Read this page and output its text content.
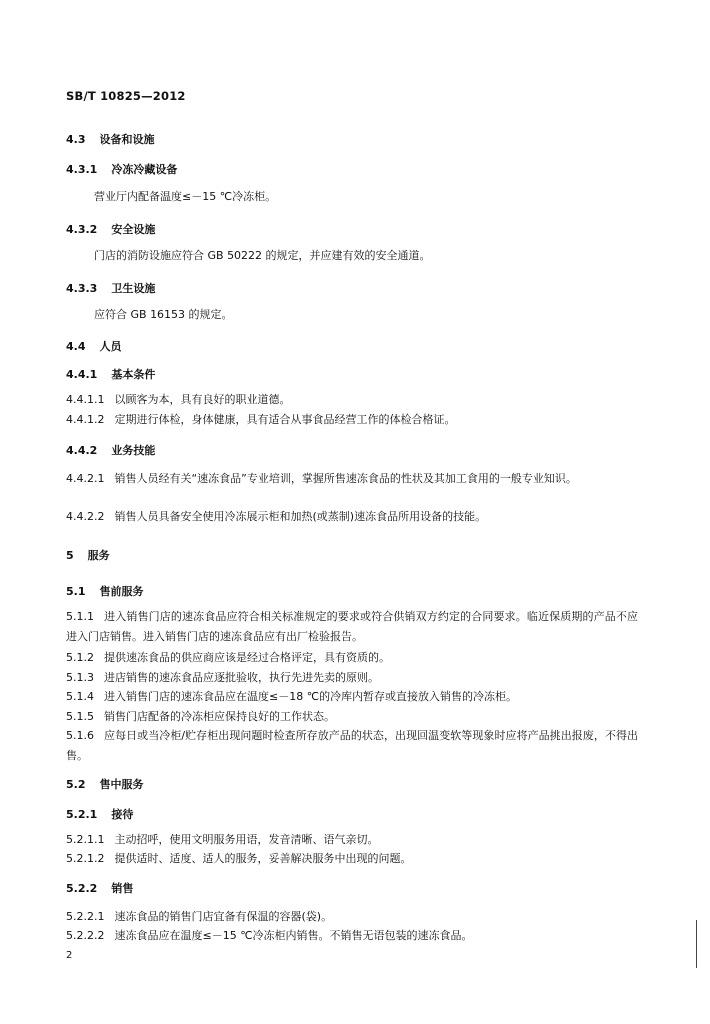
SB/T 10825—2012
4.3 设备和设施
4.3.1 冷冻冷藏设备
营业厅内配备温度≤－15 ℃冷冻柜。
4.3.2 安全设施
门店的消防设施应符合 GB 50222 的规定，并应建有效的安全通道。
4.3.3 卫生设施
应符合 GB 16153 的规定。
4.4 人员
4.4.1 基本条件
4.4.1.1 以顾客为本，具有良好的职业道德。
4.4.1.2 定期进行体检，身体健康，具有适合从事食品经营工作的体检合格证。
4.4.2 业务技能
4.4.2.1 销售人员经有关“速冻食品”专业培训，掌握所售速冻食品的性状及其加工食用的一般专业知识。
4.4.2.2 销售人员具备安全使用冷冻展示柜和加热(或蒸制)速冻食品所用设备的技能。
5 服务
5.1 售前服务
5.1.1 进入销售门店的速冻食品应符合相关标准规定的要求或符合供销双方约定的合同要求。临近保质期的产品不应进入门店销售。进入销售门店的速冻食品应有出厂检验报告。
5.1.2 提供速冻食品的供应商应该是经过合格评定，具有资质的。
5.1.3 进店销售的速冻食品应逐批验收，执行先进先卖的原则。
5.1.4 进入销售门店的速冻食品应在温度≤－18 ℃的冷库内暂存或直接放入销售的冷冻柜。
5.1.5 销售门店配备的冷冻柜应保持良好的工作状态。
5.1.6 应每日或当冷柜/贮存柜出现问题时检查所存放产品的状态，出现回温变软等现象时应将产品挑出报废，不得出售。
5.2 售中服务
5.2.1 接待
5.2.1.1 主动招呼，使用文明服务用语，发音清晰、语气亲切。
5.2.1.2 提供适时、适度、适人的服务，妥善解决服务中出现的问题。
5.2.2 销售
5.2.2.1 速冻食品的销售门店宜备有保温的容器(袋)。
5.2.2.2 速冻食品应在温度≤－15 ℃冷冻柜内销售。不销售无语包装的速冻食品。
2
